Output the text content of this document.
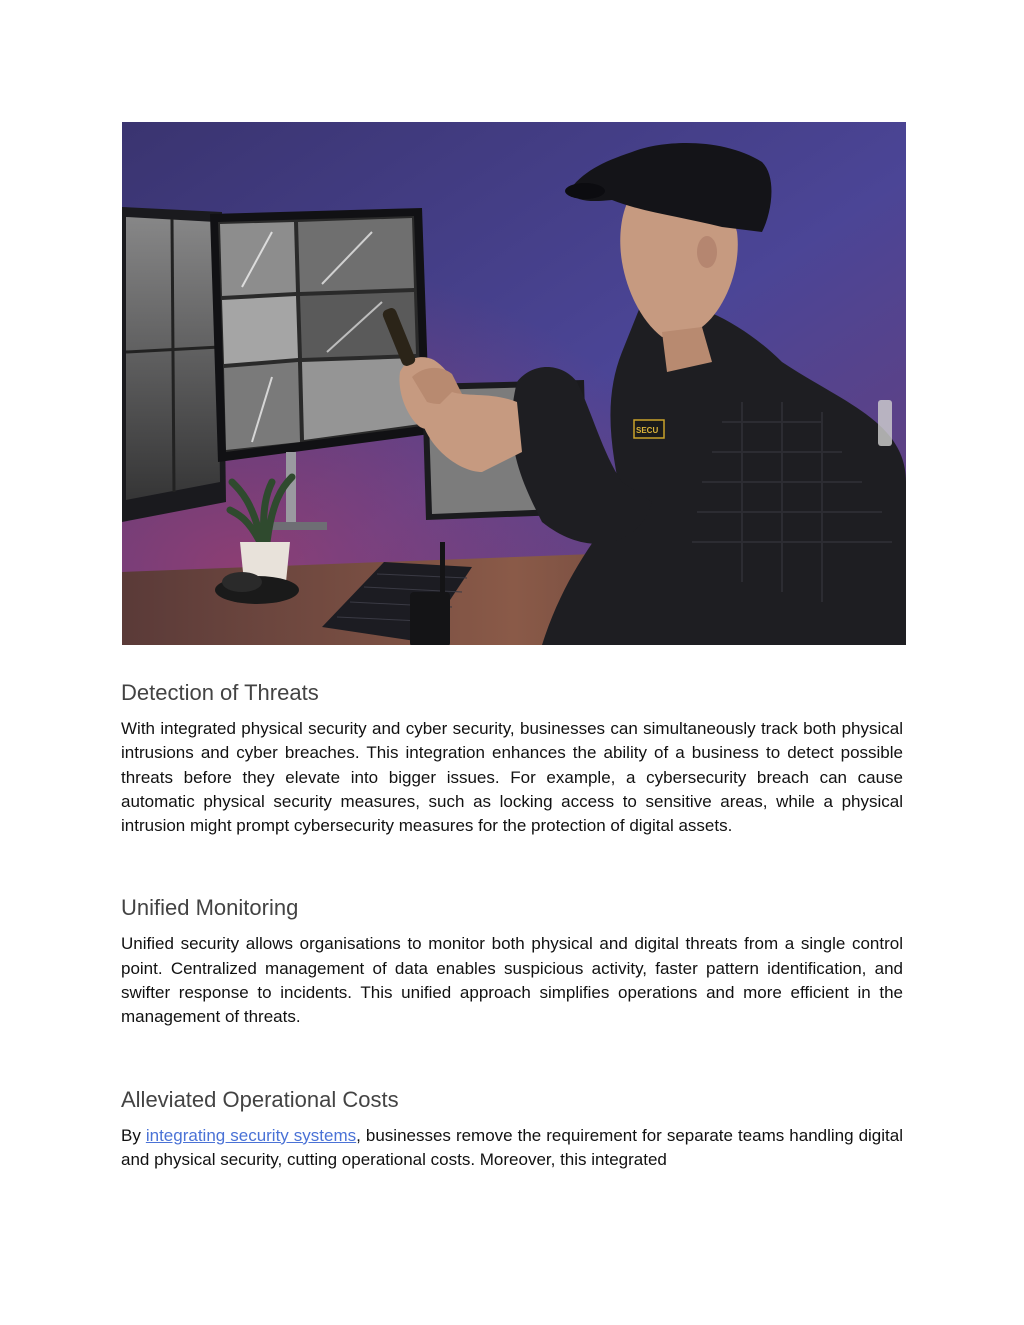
SECU
Detection of Threats

With integrated physical security and cyber security, businesses can simultaneously track both physical intrusions and cyber breaches. This integration enhances the ability of a business to detect possible threats before they elevate into bigger issues. For example, a cybersecurity breach can cause automatic physical security measures, such as locking access to sensitive areas, while a physical intrusion might prompt cybersecurity measures for the protection of digital assets.

Unified Monitoring

Unified security allows organisations to monitor both physical and digital threats from a single control point. Centralized management of data enables suspicious activity, faster pattern identification, and swifter response to incidents. This unified approach simplifies operations and more efficient in the management of threats.

Alleviated Operational Costs

By integrating security systems, businesses remove the requirement for separate teams handling digital and physical security, cutting operational costs. Moreover, this integrated
